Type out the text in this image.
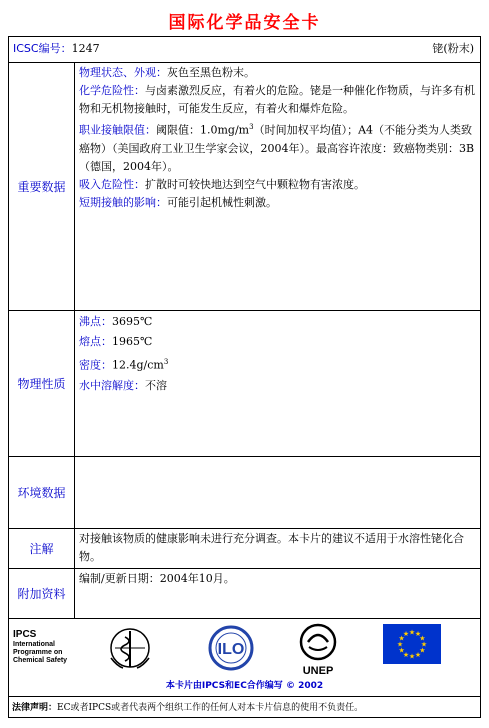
国际化学品安全卡
ICSC编号：1247	铑(粉末)
重要数据
物理状态、外观：灰色至黑色粉末。
化学危险性：与卤素激烈反应，有着火的危险。铑是一种催化作物质，与许多有机物和无机物接触时，可能发生反应，有着火和爆炸危险。
职业接触限值：阈限值：$1.0mg/m^3$（时间加权平均值）；A4（不能分类为人类致癌物）（美国政府工业卫生学家会议，2004年）。最高容许浓度：致癌物类别：3B（德国，2004年）。
吸入危险性：扩散时可较快地达到空气中颗粒物有害浓度。
短期接触的影响：可能引起机械性刺激。
物理性质
沸点：3695℃
熔点：1965℃
密度：$12.4g/cm^3$
水中溶解度：不溶
环境数据
注解
对接触该物质的健康影响未进行充分调查。本卡片的建议不适用于水溶性铑化合物。
附加资料
编制/更新日期：2004年10月。
IPCS
International
Programme on
Chemical Safety
ILO
UNEP
★
★
★
★
★
★
★
★
★ ★ ★
★
本卡片由IPCS和EC合作编写 © 2002
法律声明：EC或者IPCS或者代表两个组织工作的任何人对本卡片信息的使用不负责任。
